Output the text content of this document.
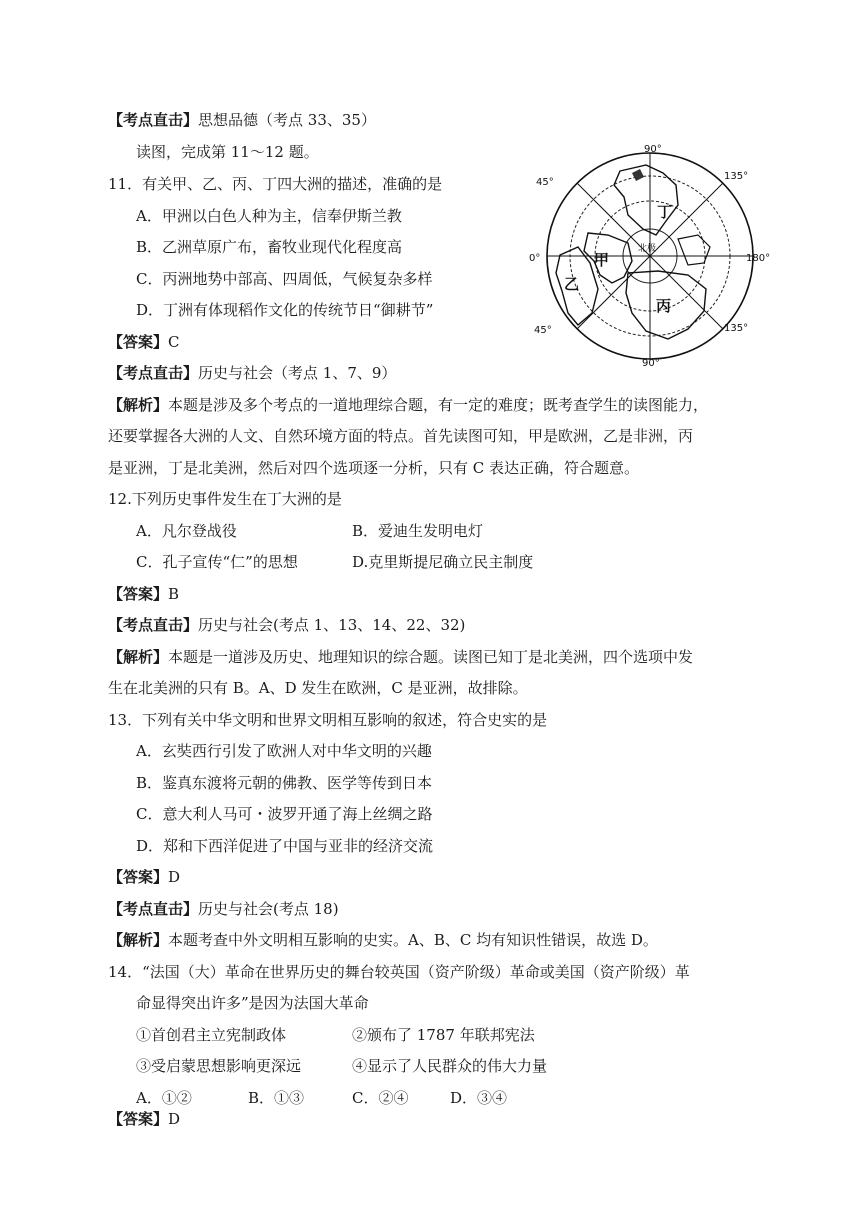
【考点直击】思想品德（考点 33、35）
读图，完成第 11～12 题。
11．有关甲、乙、丙、丁四大洲的描述，准确的是
A．甲洲以白色人种为主，信奉伊斯兰教
B．乙洲草原广布，畜牧业现代化程度高
C．丙洲地势中部高、四周低，气候复杂多样
D．丁洲有体现稻作文化的传统节日“御耕节”
【答案】C
【考点直击】历史与社会（考点 1、7、9）
【解析】本题是涉及多个考点的一道地理综合题，有一定的难度；既考查学生的读图能力，
还要掌握各大洲的人文、自然环境方面的特点。首先读图可知，甲是欧洲，乙是非洲，丙
是亚洲，丁是北美洲，然后对四个选项逐一分析，只有 C 表达正确，符合题意。
12.下列历史事件发生在丁大洲的是
【答案】B
【考点直击】历史与社会(考点 1、13、14、22、32)
【解析】本题是一道涉及历史、地理知识的综合题。读图已知丁是北美洲，四个选项中发
生在北美洲的只有 B。A、D 发生在欧洲，C 是亚洲，故排除。
13．下列有关中华文明和世界文明相互影响的叙述，符合史实的是
A．玄奘西行引发了欧洲人对中华文明的兴趣
B．鉴真东渡将元朝的佛教、医学等传到日本
C．意大利人马可・波罗开通了海上丝绸之路
D．郑和下西洋促进了中国与亚非的经济交流
【答案】D
【考点直击】历史与社会(考点 18)
【解析】本题考查中外文明相互影响的史实。A、B、C 均有知识性错误，故选 D。
14．“法国（大）革命在世界历史的舞台较英国（资产阶级）革命或美国（资产阶级）革
命显得突出许多”是因为法国大革命
【答案】D
A．凡尔登战役	B．爱迪生发明电灯
C．孔子宣传“仁”的思想	D.克里斯提尼确立民主制度
①首创君主立宪制政体	②颁布了 1787 年联邦宪法
③受启蒙思想影响更深远	④显示了人民群众的伟大力量
A．①②	B．①③	C．②④	D．③④
90°
45°
135°
0°	180°
45°	135°
90°
北极
丁
甲
乙
丙
